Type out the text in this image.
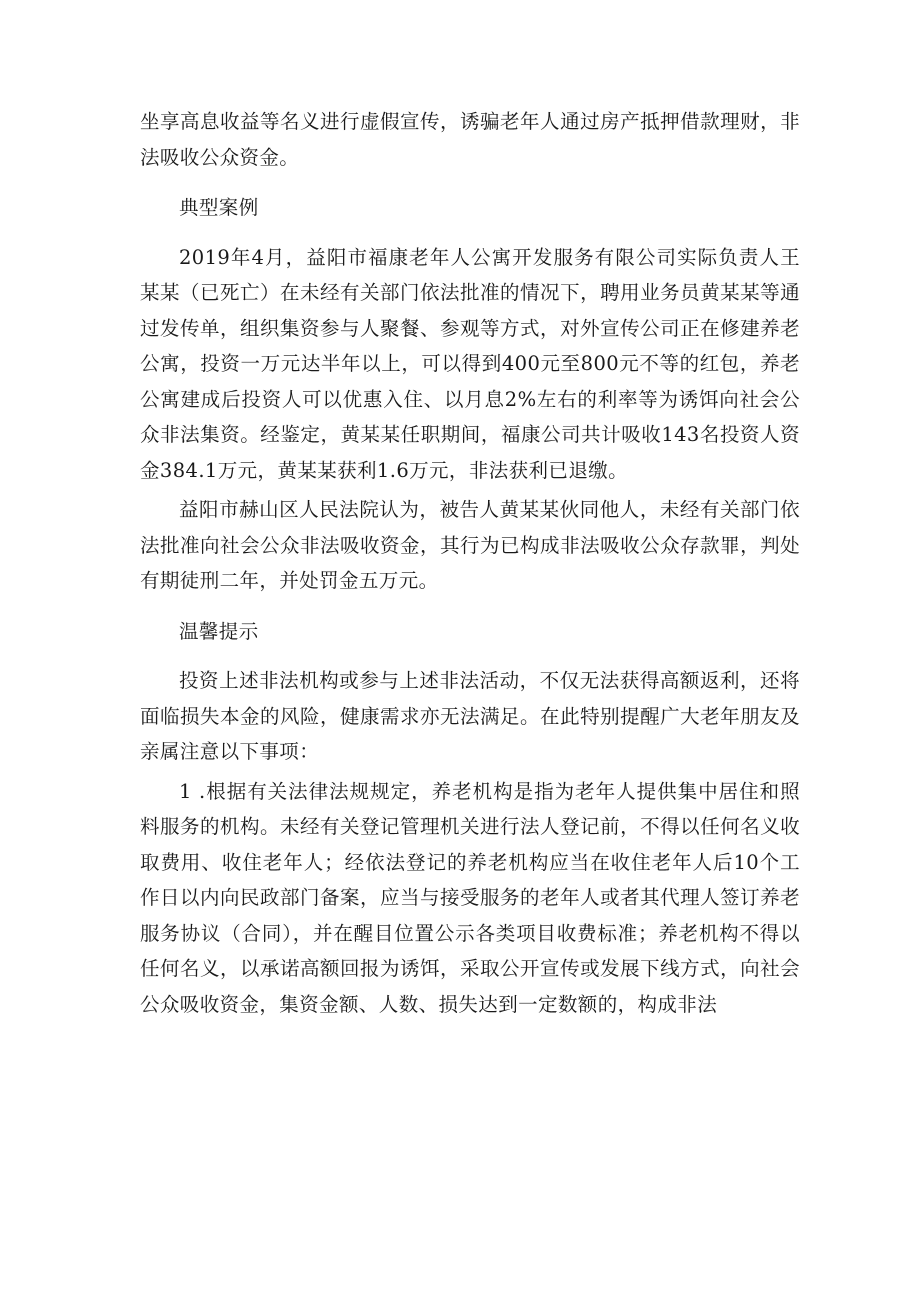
坐享高息收益等名义进行虚假宣传，诱骗老年人通过房产抵押借款理财，非法吸收公众资金。

典型案例

2019年4月，益阳市福康老年人公寓开发服务有限公司实际负责人王某某（已死亡）在未经有关部门依法批准的情况下，聘用业务员黄某某等通过发传单，组织集资参与人聚餐、参观等方式，对外宣传公司正在修建养老公寓，投资一万元达半年以上，可以得到400元至800元不等的红包，养老公寓建成后投资人可以优惠入住、以月息2%左右的利率等为诱饵向社会公众非法集资。经鉴定，黄某某任职期间，福康公司共计吸收143名投资人资金384.1万元，黄某某获利1.6万元，非法获利已退缴。

益阳市赫山区人民法院认为，被告人黄某某伙同他人，未经有关部门依法批准向社会公众非法吸收资金，其行为已构成非法吸收公众存款罪，判处有期徒刑二年，并处罚金五万元。

温馨提示

投资上述非法机构或参与上述非法活动，不仅无法获得高额返利，还将面临损失本金的风险，健康需求亦无法满足。在此特别提醒广大老年朋友及亲属注意以下事项：

1 .根据有关法律法规规定，养老机构是指为老年人提供集中居住和照料服务的机构。未经有关登记管理机关进行法人登记前，不得以任何名义收取费用、收住老年人；经依法登记的养老机构应当在收住老年人后10个工作日以内向民政部门备案，应当与接受服务的老年人或者其代理人签订养老服务协议（合同），并在醒目位置公示各类项目收费标准；养老机构不得以任何名义，以承诺高额回报为诱饵，采取公开宣传或发展下线方式，向社会公众吸收资金，集资金额、人数、损失达到一定数额的，构成非法
